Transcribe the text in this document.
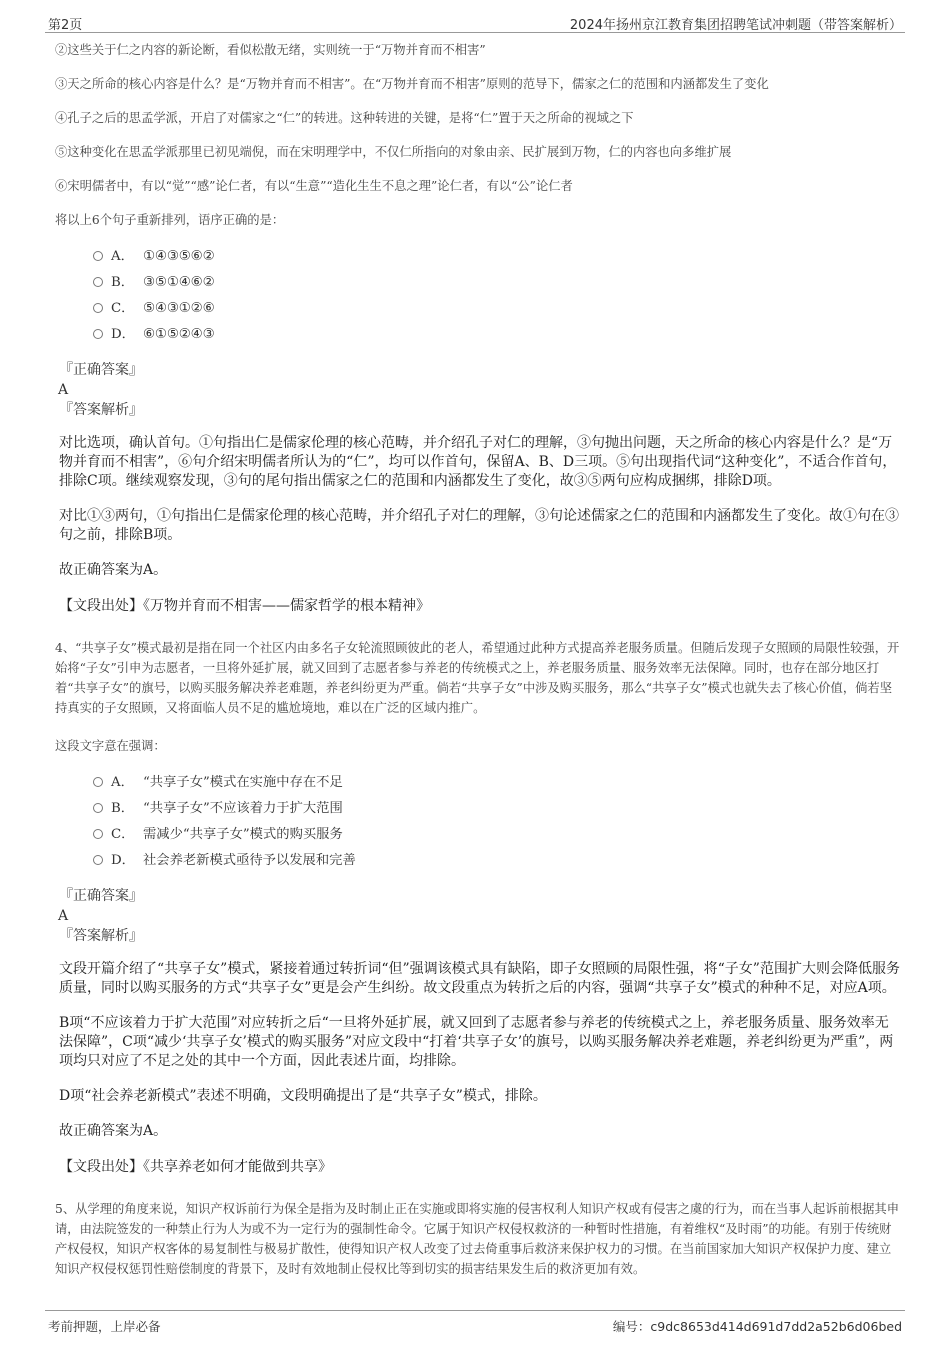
第2页	2024年扬州京江教育集团招聘笔试冲刺题（带答案解析）

②这些关于仁之内容的新论断，看似松散无绪，实则统一于“万物并育而不相害”

③天之所命的核心内容是什么？是“万物并育而不相害”。在“万物并育而不相害”原则的范导下，儒家之仁的范围和内涵都发生了变化

④孔子之后的思孟学派，开启了对儒家之“仁”的转进。这种转进的关键，是将“仁”置于天之所命的视域之下

⑤这种变化在思孟学派那里已初见端倪，而在宋明理学中，不仅仁所指向的对象由亲、民扩展到万物，仁的内容也向多维扩展

⑥宋明儒者中，有以“觉”“感”论仁者，有以“生意”“造化生生不息之理”论仁者，有以“公”论仁者

将以上6个句子重新排列，语序正确的是：

A． ①④③⑤⑥②
B． ③⑤①④⑥②
C． ⑤④③①②⑥
D． ⑥①⑤②④③
『正确答案』
A
『答案解析』

对比选项，确认首句。①句指出仁是儒家伦理的核心范畴，并介绍孔子对仁的理解，③句抛出问题，天之所命的核心内容是什么？是“万物并育而不相害”，⑥句介绍宋明儒者所认为的“仁”，均可以作首句，保留A、B、D三项。⑤句出现指代词“这种变化”，不适合作首句，排除C项。继续观察发现，③句的尾句指出儒家之仁的范围和内涵都发生了变化，故③⑤两句应构成捆绑，排除D项。

对比①③两句，①句指出仁是儒家伦理的核心范畴，并介绍孔子对仁的理解，③句论述儒家之仁的范围和内涵都发生了变化。故①句在③句之前，排除B项。

故正确答案为A。

【文段出处】《万物并育而不相害——儒家哲学的根本精神》

4、“共享子女”模式最初是指在同一个社区内由多名子女轮流照顾彼此的老人，希望通过此种方式提高养老服务质量。但随后发现子女照顾的局限性较强，开始将“子女”引申为志愿者，一旦将外延扩展，就又回到了志愿者参与养老的传统模式之上，养老服务质量、服务效率无法保障。同时，也存在部分地区打着“共享子女”的旗号，以购买服务解决养老难题，养老纠纷更为严重。倘若“共享子女”中涉及购买服务，那么“共享子女”模式也就失去了核心价值，倘若坚持真实的子女照顾，又将面临人员不足的尴尬境地，难以在广泛的区域内推广。

这段文字意在强调：

A． “共享子女”模式在实施中存在不足
B． “共享子女”不应该着力于扩大范围
C． 需减少“共享子女”模式的购买服务
D． 社会养老新模式亟待予以发展和完善
『正确答案』
A
『答案解析』

文段开篇介绍了“共享子女”模式，紧接着通过转折词“但”强调该模式具有缺陷，即子女照顾的局限性强，将“子女”范围扩大则会降低服务质量，同时以购买服务的方式“共享子女”更是会产生纠纷。故文段重点为转折之后的内容，强调“共享子女”模式的种种不足，对应A项。

B项“不应该着力于扩大范围”对应转折之后“一旦将外延扩展，就又回到了志愿者参与养老的传统模式之上，养老服务质量、服务效率无法保障”，C项“减少‘共享子女’模式的购买服务”对应文段中“打着‘共享子女’的旗号，以购买服务解决养老难题，养老纠纷更为严重”，两项均只对应了不足之处的其中一个方面，因此表述片面，均排除。

D项“社会养老新模式”表述不明确，文段明确提出了是“共享子女”模式，排除。

故正确答案为A。

【文段出处】《共享养老如何才能做到共享》

5、从学理的角度来说，知识产权诉前行为保全是指为及时制止正在实施或即将实施的侵害权利人知识产权或有侵害之虞的行为，而在当事人起诉前根据其申请，由法院签发的一种禁止行为人为或不为一定行为的强制性命令。它属于知识产权侵权救济的一种暂时性措施，有着维权“及时雨”的功能。有别于传统财产权侵权，知识产权客体的易复制性与极易扩散性，使得知识产权人改变了过去倚重事后救济来保护权力的习惯。在当前国家加大知识产权保护力度、建立知识产权侵权惩罚性赔偿制度的背景下，及时有效地制止侵权比等到切实的损害结果发生后的救济更加有效。

考前押题，上岸必备	编号：c9dc8653d414d691d7dd2a52b6d06bed
